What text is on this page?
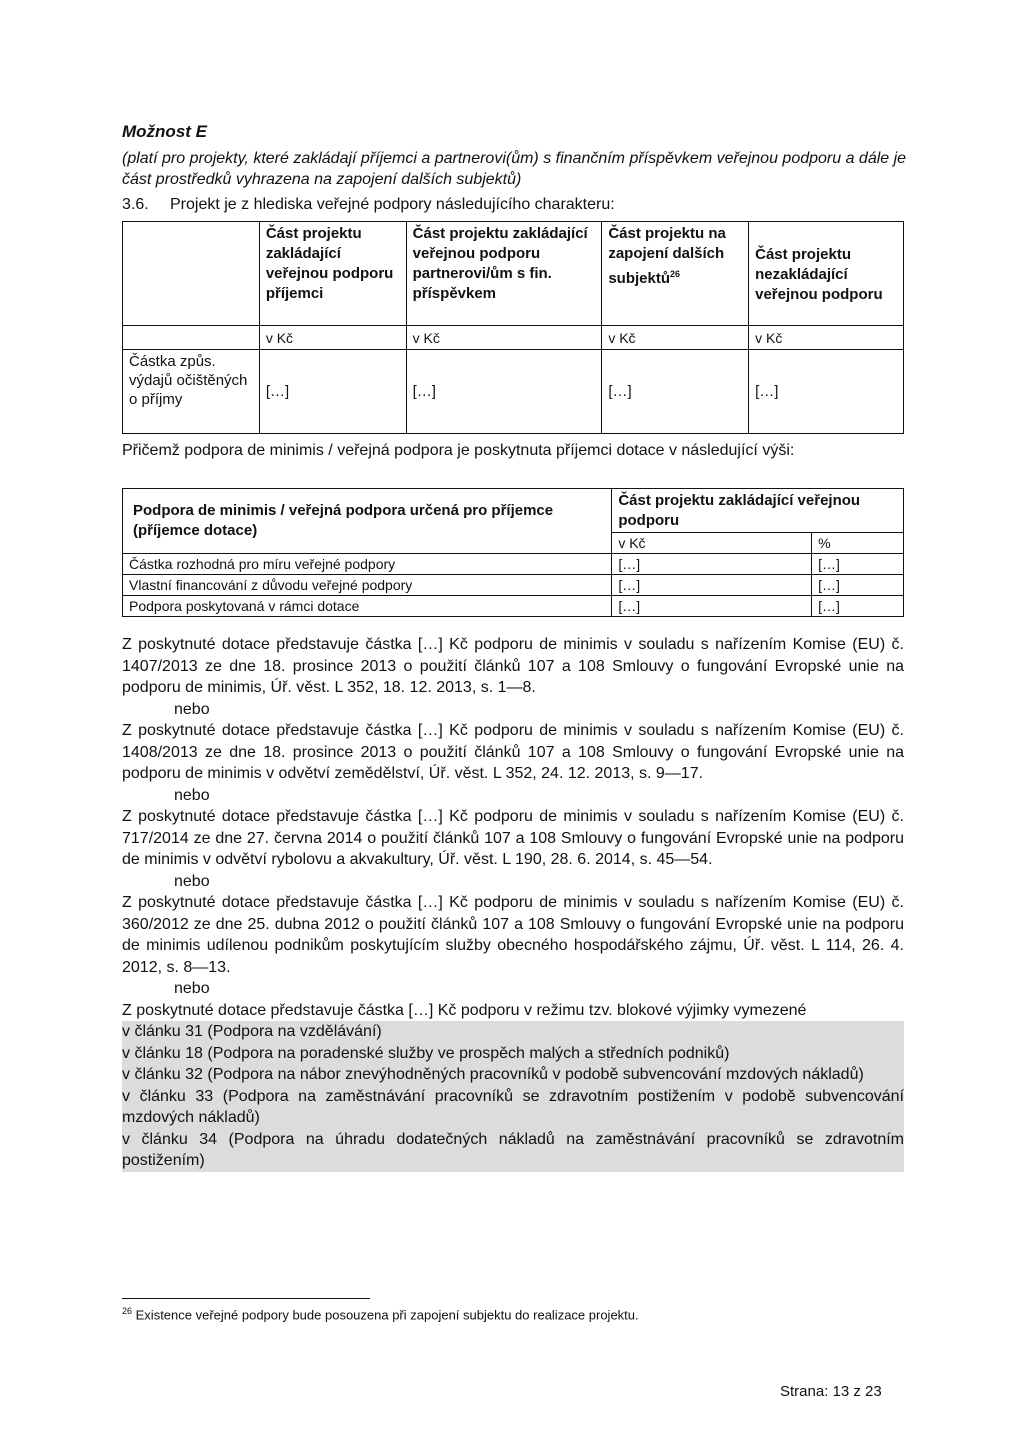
Možnost E
(platí pro projekty, které zakládají příjemci a partnerovi(ům) s finančním příspěvkem veřejnou podporu a dále je část prostředků vyhrazena na zapojení dalších subjektů)
3.6. Projekt je z hlediska veřejné podpory následujícího charakteru:
	Část projektu zakládající veřejnou podporu příjemci	Část projektu zakládající veřejnou podporu partnerovi/ům s fin. příspěvkem	Část projektu na zapojení dalších subjektů$^{26}$	Část projektu nezakládající veřejnou podporu
	v Kč	v Kč	v Kč	v Kč
Částka způs. výdajů očištěných o příjmy	[…]	[…]	[…]	[…]
Přičemž podpora de minimis / veřejná podpora je poskytnuta příjemci dotace v následující výši:
Podpora de minimis / veřejná podpora určená pro příjemce (příjemce dotace)	Část projektu zakládající veřejnou podporu	
	v Kč	%
Částka rozhodná pro míru veřejné podpory	[…]	[…]
Vlastní financování z důvodu veřejné podpory	[…]	[…]
Podpora poskytovaná v rámci dotace	[…]	[…]

Z poskytnuté dotace představuje částka […] Kč podporu de minimis v souladu s nařízením Komise (EU) č. 1407/2013 ze dne 18. prosince 2013 o použití článků 107 a 108 Smlouvy o fungování Evropské unie na podporu de minimis, Úř. věst. L 352, 18. 12. 2013, s. 1—8.

nebo

Z poskytnuté dotace představuje částka […] Kč podporu de minimis v souladu s nařízením Komise (EU) č. 1408/2013 ze dne 18. prosince 2013 o použití článků 107 a 108 Smlouvy o fungování Evropské unie na podporu de minimis v odvětví zemědělství, Úř. věst. L 352, 24. 12. 2013, s. 9—17.

nebo

Z poskytnuté dotace představuje částka […] Kč podporu de minimis v souladu s nařízením Komise (EU) č. 717/2014 ze dne 27. června 2014 o použití článků 107 a 108 Smlouvy o fungování Evropské unie na podporu de minimis v odvětví rybolovu a akvakultury, Úř. věst. L 190, 28. 6. 2014, s. 45—54.

nebo

Z poskytnuté dotace představuje částka […] Kč podporu de minimis v souladu s nařízením Komise (EU) č. 360/2012 ze dne 25. dubna 2012 o použití článků 107 a 108 Smlouvy o fungování Evropské unie na podporu de minimis udílenou podnikům poskytujícím služby obecného hospodářského zájmu, Úř. věst. L 114, 26. 4. 2012, s. 8—13.

nebo

Z poskytnuté dotace představuje částka […] Kč podporu v režimu tzv. blokové výjimky vymezené

v článku 31 (Podpora na vzdělávání)

v článku 18 (Podpora na poradenské služby ve prospěch malých a středních podniků)

v článku 32 (Podpora na nábor znevýhodněných pracovníků v podobě subvencování mzdových nákladů)

v článku 33 (Podpora na zaměstnávání pracovníků se zdravotním postižením v podobě subvencování mzdových nákladů)

v článku 34 (Podpora na úhradu dodatečných nákladů na zaměstnávání pracovníků se zdravotním postižením)

$^{26}$ Existence veřejné podpory bude posouzena při zapojení subjektu do realizace projektu.
Strana: 13 z 23
